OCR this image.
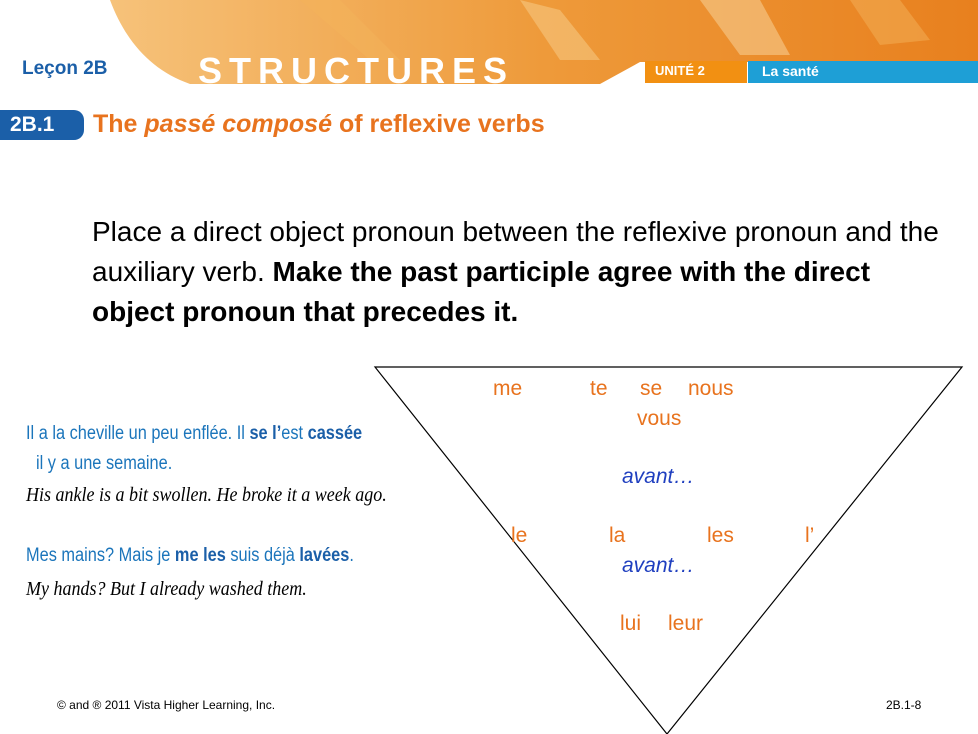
Leçon 2B	STRUCTURES	UNITÉ 2	La santé
2B.1 The passé composé of reflexive verbs
Place a direct object pronoun between the reflexive pronoun and the auxiliary verb. Make the past participle agree with the direct object pronoun that precedes it.
Il a la cheville un peu enflée. Il se l’est cassée
il y a une semaine.
His ankle is a bit swollen. He broke it a week ago.
Mes mains? Mais je me les suis déjà lavées.
My hands? But I already washed them.
me	te se nous
vous
avant…
le	la	les	l’
avant…
lui leur
© and ® 2011 Vista Higher Learning, Inc.	2B.1-8
